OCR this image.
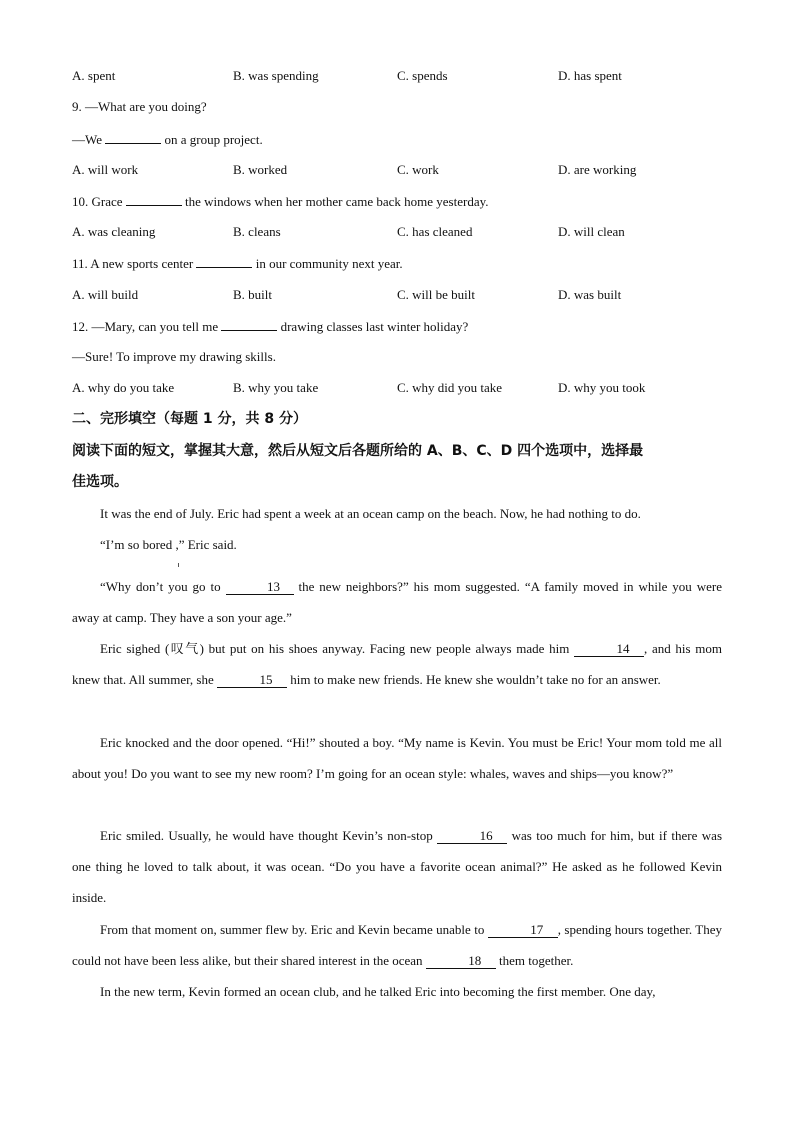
A. spent	B. was spending	C. spends	D. has spent
9. —What are you doing?
—We	on a group project.
A. will work	B. worked	C. work	D. are working
10. Grace	the windows when her mother came back home yesterday.
A. was cleaning	B. cleans	C. has cleaned	D. will clean
11. A new sports center	in our community next year.
A. will build	B. built	C. will be built	D. was built
12. —Mary, can you tell me	drawing classes last winter holiday?
—Sure! To improve my drawing skills.
A. why do you take	B. why you take	C. why did you take	D. why you took
二、完形填空（每题 1 分，共 8 分）
阅读下面的短文，掌握其大意，然后从短文后各题所给的 A、B、C、D 四个选项中，选择最
佳选项。
It was the end of July. Eric had spent a week at an ocean camp on the beach. Now, he had nothing to do.
“I’m so bored ,” Eric said.
“Why don’t you go to	13 the new neighbors?” his mom suggested. “A family moved in while you were away at camp. They have a son your age.”
Eric sighed (叹气) but put on his shoes anyway. Facing new people always made him	14 , and his mom knew that. All summer, she	15 him to make new friends. He knew she wouldn’t take no for an answer.
Eric knocked and the door opened. “Hi!” shouted a boy. “My name is Kevin. You must be Eric! Your mom told me all about you! Do you want to see my new room? I’m going for an ocean style: whales, waves and ships—you know?”
Eric smiled. Usually, he would have thought Kevin’s non-stop	16 was too much for him, but if there was one thing he loved to talk about, it was ocean. “Do you have a favorite ocean animal?” He asked as he followed Kevin inside.
From that moment on, summer flew by. Eric and Kevin became unable to	17 , spending hours together. They could not have been less alike, but their shared interest in the ocean	18 them together.
In the new term, Kevin formed an ocean club, and he talked Eric into becoming the first member. One day,
